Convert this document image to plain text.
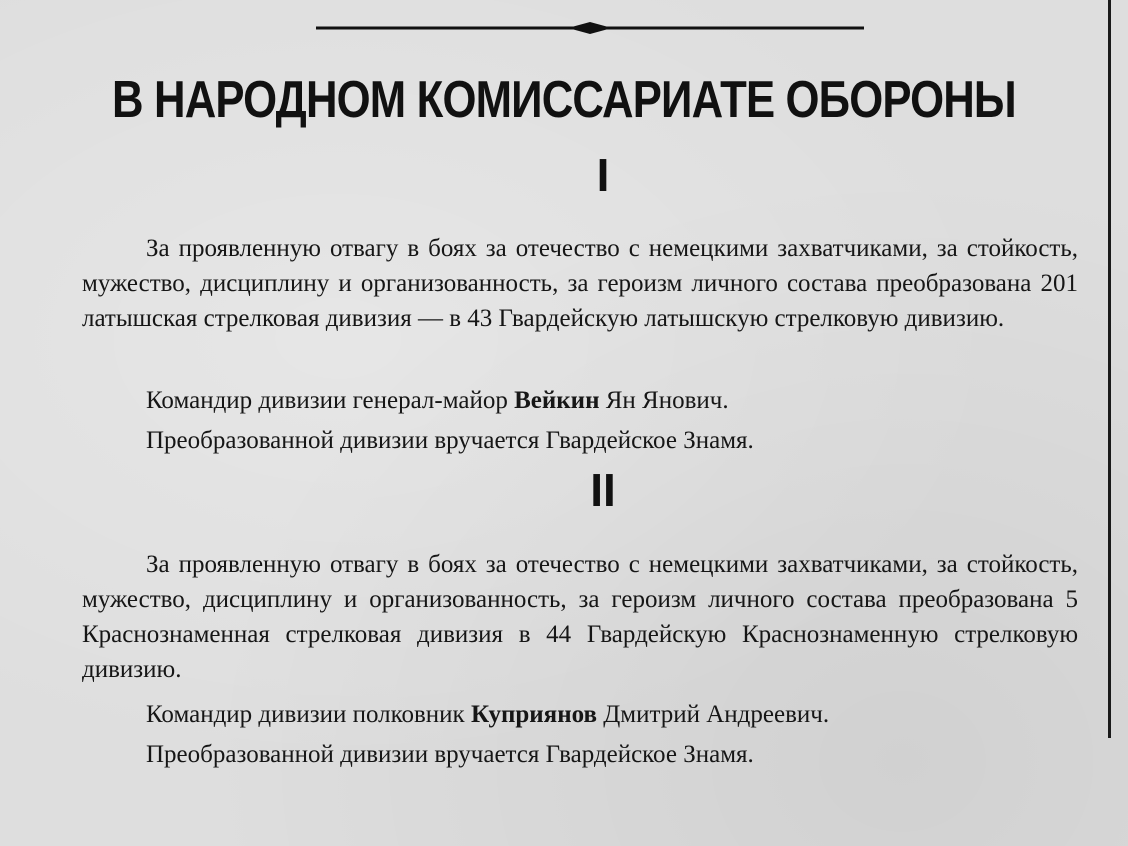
В НАРОДНОМ КОМИССАРИАТЕ ОБОРОНЫ
I

За проявленную отвагу в боях за отечество с немецкими захватчиками, за стойкость, мужество, дисциплину и организованность, за героизм личного состава преобразована 201 латышская стрелковая дивизия — в 43 Гвардейскую латышскую стрелковую дивизию.

Командир дивизии генерал-майор Вейкин Ян Янович.

Преобразованной дивизии вручается Гвардейское Знамя.

II

За проявленную отвагу в боях за отечество с немецкими захватчиками, за стойкость, мужество, дисциплину и организованность, за героизм личного состава преобразована 5 Краснознаменная стрелковая дивизия в 44 Гвардейскую Краснознаменную стрелковую дивизию.

Командир дивизии полковник Куприянов Дмитрий Андреевич.

Преобразованной дивизии вручается Гвардейское Знамя.
